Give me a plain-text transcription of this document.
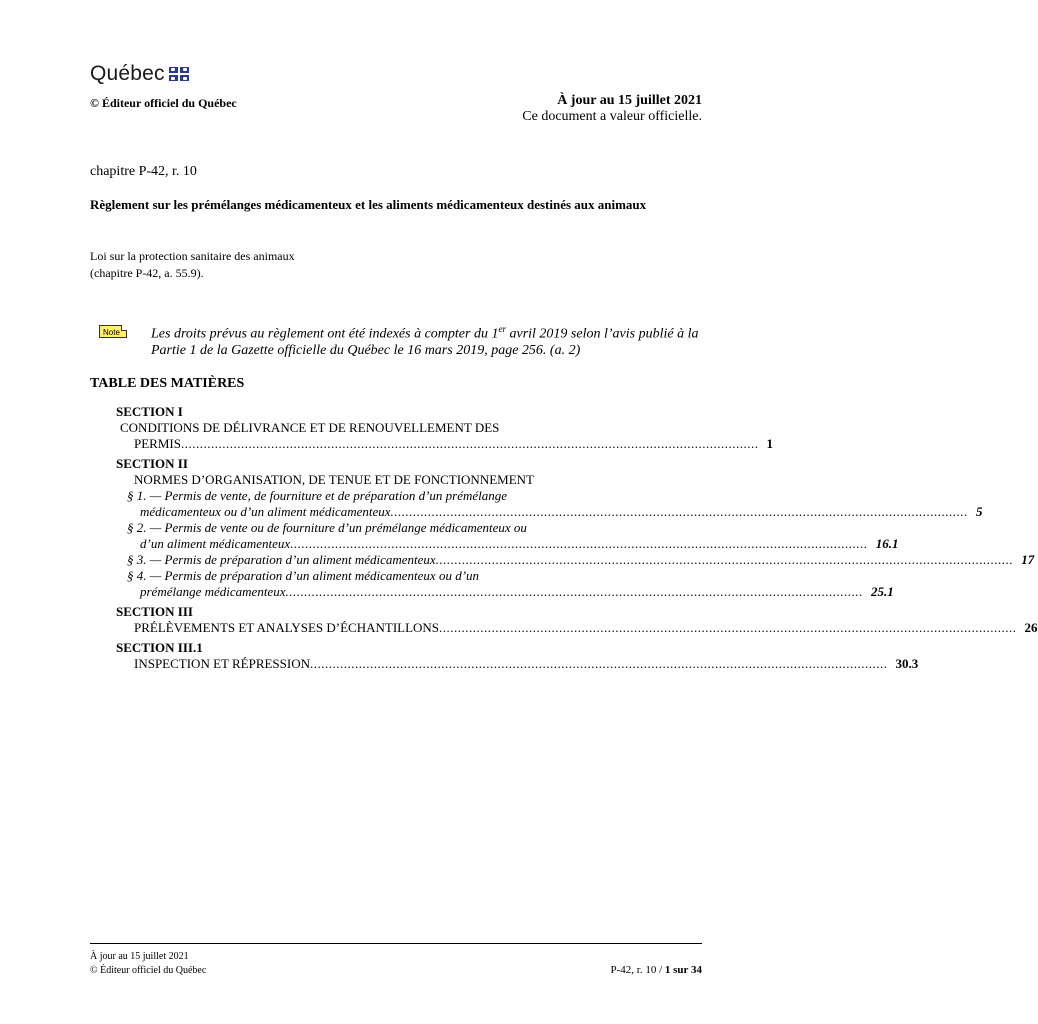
Québec
© Éditeur officiel du Québec	À jour au 15 juillet 2021
Ce document a valeur officielle.
chapitre P-42, r. 10
Règlement sur les prémélanges médicamenteux et les aliments médicamenteux destinés aux animaux
Loi sur la protection sanitaire des animaux
(chapitre P-42, a. 55.9).
Note	Les droits prévus au règlement ont été indexés à compter du 1er avril 2019 selon l’avis publié à la
Partie 1 de la Gazette officielle du Québec le 16 mars 2019, page 256. (a. 2)
TABLE DES MATIÈRES
SECTION I
CONDITIONS DE DÉLIVRANCE ET DE RENOUVELLEMENT DES
PERMIS.......................................................................................................................................................... 1
SECTION II
NORMES D’ORGANISATION, DE TENUE ET DE FONCTIONNEMENT
§ 1. — Permis de vente, de fourniture et de préparation d’un prémélange
médicamenteux ou d’un aliment médicamenteux.......................................................................................................................................................... 5
§ 2. — Permis de vente ou de fourniture d’un prémélange médicamenteux ou
d’un aliment médicamenteux.......................................................................................................................................................... 16.1
§ 3. — Permis de préparation d’un aliment médicamenteux.......................................................................................................................................................... 17
§ 4. — Permis de préparation d’un aliment médicamenteux ou d’un
prémélange médicamenteux.......................................................................................................................................................... 25.1
SECTION III
PRÉLÈVEMENTS ET ANALYSES D’ÉCHANTILLONS.......................................................................................................................................................... 26
SECTION III.1
INSPECTION ET RÉPRESSION.......................................................................................................................................................... 30.3
À jour au 15 juillet 2021
© Éditeur officiel du Québec	P-42, r. 10 / 1 sur 34
